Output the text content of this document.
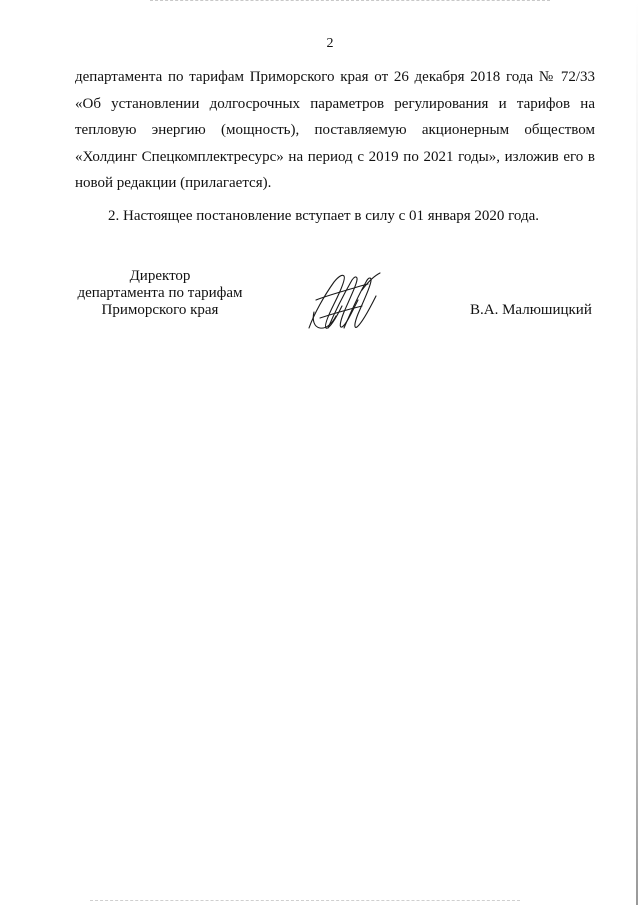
2

департамента по тарифам Приморского края от 26 декабря 2018 года № 72/33 «Об установлении долгосрочных параметров регулирования и тарифов на тепловую энергию (мощность), поставляемую акционерным обществом «Холдинг Спецкомплектресурс» на период с 2019 по 2021 годы», изложив его в новой редакции (прилагается).

2. Настоящее постановление вступает в силу с 01 января 2020 года.

Директор
департамента по тарифам
Приморского края	В.А. Малюшицкий
